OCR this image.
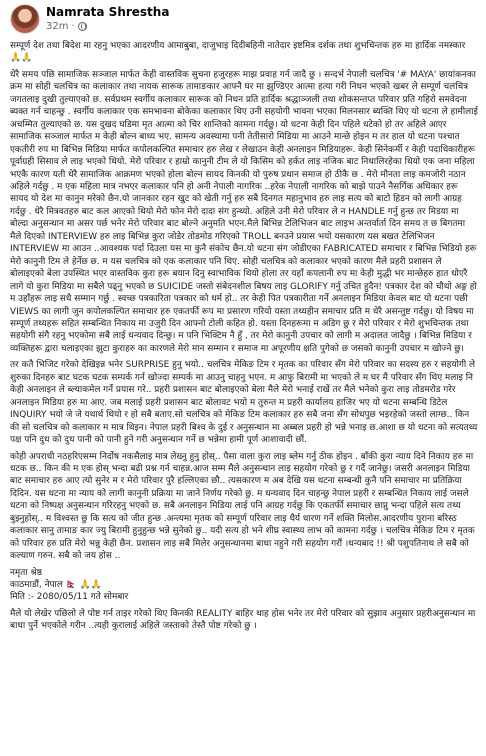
Namrata Shrestha
32m ·

सम्पूर्ण देश तथा बिदेश मा रहनु भएका आदरणीय आमाबुबा, दाजुभाइ दिदीबहिनी नातेदार इष्टमित्र दर्शक तथा शुभचिन्तक हरु मा हार्दिक नमस्कार 🙏🙏

धेरै समय पछि सामाजिक सञ्जाल मार्फत केही वास्तविक सुचना हजुरहरू माझ प्रवाह गर्न जादै छु । सन्दर्भ नेपाली चलचित्र '# MAYA' छायांकनका क्रम मा सोही चलचित्र का कलाकार तथा नायक सारूक तामाङकार आफ्नै घर मा झुण्डिएर आत्मा हत्या गरी निधन भएको खबर ले सम्पूर्ण चलचित्र जगतलाइ दुखी तुल्याएको छ. सर्वप्रथम स्वर्गीय कलाकार सारूक को निधन प्रति हार्दिक श्रद्धाञ्जली तथा शोकसन्तप्त परिवार प्रति गहिरो समवेदना ब्यक्त गर्न चाहन्छु . स्वर्गीय कलाकार एक समभावना बोकेका कलाकार थिए उनी सहयोगी भावना भएका मिलनसार ब्यक्ति थिए यो धटना ले हामीलाई अचम्मित तुल्याएको छ. यस दुखद घडिमा मृत आत्मा को चिर शान्तिको कामना गर्दछु। यो धटना केही दिन पहिले धटेको हो तर अहिले आएर सामाजिक सञ्जाल मार्फत म केही बोल्न बाध्य भए. सामन्य अवस्थामा पनी तेतीसारो मिडिया मा आउने मान्छे होइन म तर हाल यो धटना पश्चात एकतीरी रुप मा बिभिन्न मिडिया मार्फत कपोलकल्पित समाचार हरु लेख र लेखाउन केही अनलाइन मिडियाहरू. केही सिनेकर्मी र केही पदाधिकारीहरू पूर्वाग्रही सिसाव ले लाइ भएको थियो. मेरो परिवार र हाम्रो कानुनी टीम ले यो किसिम को हर्कत लाइ नजिक बाट निधालिरहेका थियो एक जना महिला भएकै कारण यती धेरै सामाजिक आक्रमण भएको होला बोल्न सायद किनकी यो पुरुष प्रधान समाज हो ठीकै छ . मेरो मौनता लाइ कमजोरी नठान अहिले गर्दछु . म एक महिला मात्र नभएर कलाकार पनि हो अनी नेपाली नागरिक ..हरेक नेपाली नागरिक को बाझे पाउने नैसर्गिक अधिकार हरू सायद यो देश मा कानुन मरेको छैन.यो जानकार रहन खुट को खेती गर्नु हरु सबै दिनगत महानुभाव हरु लाइ सत्य को बाटो हिडन को लागी आग्रह गर्दछु . धेरै मित्रवतहरु बाट कल आएको थियो मेरो फोन मेरो दादा संग हुन्थ्यो. अहिले उनी मेरो परिवार ले न HANDLE गर्नु हुन्छ तर मिडया मा बोल्दा अनुसन्धान मा असर पर्छ भनेर मेरो परिवार बाट बोल्ने अनुमति भएन.मैले बिभिन्न टेलिभिजन बाट लाइभ अन्तर्वार्ता दिन समय त छ बिगतमा मैले दिएको INTERVIEW हरु लाइ बिभिन्न कुरा जोडेर तोडमोड गरिएको TROLL बनउने प्रयास भयो यसकारण यस बखत टेलिभिजन INTERVIEW मा आउन ..आवश्यक पर्दा दिउला यस मा कुनै संकोच छैन.यो धटना संग जोडीएका FABRICATED समाचार र बिभिन्न भिडियो हरू मेरो कानुनी टिम ले हेर्नेछ छ. म यस चलचित्र को एक कलाकार पनि थिए. सोही चलचित्र को कलाकार भएको कारण मैले प्रहरी प्रशासन ले बोलाइएको बेला उपस्थित भएर वास्तविक कुरा हरू बयान दिनु स्वाभाविक थियो होला तर यहाँ कपलानी रुप मा केही मुद्धी भर मान्छेहरु हात धोएरै लागे यो कुरा मिडिया मा सबैले पढ्नु भएको छ SUICIDE जस्तो संबेदनशील बिषय लाइ GLORIFY गर्नु उचित हुदैन! पत्रकार देश को चौथो अङ्ग हो म उहाँहरू लाइ सधै सम्मान गर्छु . स्वच्छ पत्रकारिता पत्रकार को धर्म हो.. तर केही पित पत्रकारीता गर्ने अनलाइन मिडिया केवल बाट यो धटना पछी VIEWS का लागी जुन कपोलकल्पित समाचार हरु एकतर्फी रूप मा प्रसारण गरियो यस्ता तथ्यहीन समाचार प्रति म धेरै असन्तुष्ट गर्दछु। यो विषय मा सम्पूर्ण तथ्यहरू सहित सम्बन्धित निकाय मा उजुरी दिन आफ्नो टोली कहित हो. यस्ता दिनहरूमा म अडिग छु र मेरो परिवार र मेरो शुभचिन्तक तथा सहयोगी संगै रहनु भएकोमा सबै लाई धन्यवाद दिन्छु। म पनि भिक्टिम नै हुँ , तर मेरो कानुनी उपचार को लागी म अदालत जादैछु । बिभिन्न मिडिया र व्यक्तिहरू द्वारा चलाइएका झुटा कुराहरु का कारणले मेरो मान सम्मान र समाज मा अपूरणीय क्षति पुगेको छ जसको कानुनी उपचार म खोज्ने छु।

तर कतै भिजिट गरेको देखिइन्न भनेर SURPRISE हुनु भयो.. चलचित्र मेकिङ टिम र मृतक का परिवार सँग मेरो परिवार का सदस्य हरु र सहयोगी ले शुरुका दिनहरु बाट घटक घटक सम्पर्क गर्न खोज्दा सम्पर्क मा आउनु चाहनु भएन. म आफु बिरामी मा भएको ले म घर मै परिवार सँग थिए मलाइ नि केही अनलाइन ले ब्ल्याकमेल गर्ने प्रयास गरे.. प्रहरी प्रशासन बाट बोलाइएको बेला मैले मेरो भनाई राखें तर मैले भनेको कुरा लाइ तोडमरोड गरेर अनलाइन मिडिया हरु मा आए. जब मलाई प्रहरी प्रशासन बाट बोलावट भयो म तुरुन्त म प्रहरी कार्यालय हाजिर भए यो धटना सम्बन्धि डिटेल INQUIRY भयो जे जे यथार्थ थियो र हो सबै बताए.सो चलचित्र को मेकिङ टिम कलाकार हरु सबै जना सँग सोधपुछ भइरहेको जस्तो लाग्छ.. किन की सो चलचित्र को कलाकार म मात्र थिइन। नेपाल प्रहरी बिश्व के दुई र अनुसन्धान मा अब्बल प्रहरी हो भन्ने भनाइ छ.आशा छ यो धटना को सत्यतथ्य पक्ष पनि दुध को दुध पानी को पानी हुने गरी अनुसन्धान गर्ने छ भन्नेमा हामी पूर्ण आशावादी छौं.

कोही अपराधी नठहरिएसम्म निर्दोष नकसैलाइ मात्र लेख्नु हुनु होस्.. पैसा वाला कुरा लाइ ब्लेम गर्नु ठीक होइन . बाँकी कुरा न्याय दिने निकाय हरु मा धटक छ.. किन की म एक होस् भन्दा बढी प्रश्न गर्न चाहन्न.आज सम्म मैले अनुसन्धान लाइ सहयोग गरेको छु र गर्दै जानेछु। जसरी अनलाइन मिडिया बाट समाचार हरु आए त्यो सुनेर म र मेरो परिवार पुरै हल्लिएका छौ.. त्यसकारण म अब देखि यस धटना सम्बन्धी कुनै पनि समाचार मा प्रतिक्रिया दिदिन. यस धटना मा न्याय को लागी कानुनी प्रक्रिया मा जाने निर्णय गरेको छु. म धन्यवाद दिन चाहन्छु नेपाल प्रहरी र सम्बन्धित निकाय लाई जसले धटना को निष्पक्ष अनुसन्धान गरिरहनु भएको छ. सबै अनलाइन मिडिया लाई पनि आग्रह गर्दछु कि एकतर्फी समाचार छाप्नु भन्दा पहिले सत्य तथ्य बुझ्नुहोस्.. म विश्वस्त छु कि सत्य को जीत हुन्छ .अन्त्यमा मृतक को सम्पूर्ण परिवार लाइ धैर्य धारण गर्ने शक्ति मिलोस.आदरणीय पुराना बरिस्ठ कलाकार सानु तामाङ कार ज्यु बिरामी हुनुहुन्छ भन्ने सुनेको छु.. यदी सत्य हो भने शीघ्र स्वास्थ्य लाभ को कामना गर्दछु । चलचित्र मेकिङ टिम र मृतक को परिवार हरु प्रति मेरो भन्नु केही छैन. प्रशासन लाइ सबै मिलेर अनुसन्धानमा बाधा नहुने गरी सहयोग गरौं ।धन्यबाद !! श्री पशुपतिनाथ ले सबै को कल्याण गरुन. सबै को जय होस ..

नमृता श्रेष्ठ
काठमाडौं, नेपाल 🇳🇵 🙏🙏
मिति :- 2080/05/11 गते सोमबार

मैले यो लेखेर पछिलो ले पोष्ट गर्न ताइर गरेको थिए किनकी REALITY बाहिर थाह होस भनेर तर मेरो परिवार को सुझाव अनुसार प्रहरीअनुसन्धान मा बाधा पुर्ने भएकोले गरीन ..त्यही कुरालाई अहिले जस्ताको तेस्तै पोष्ट गरेको छु ।
